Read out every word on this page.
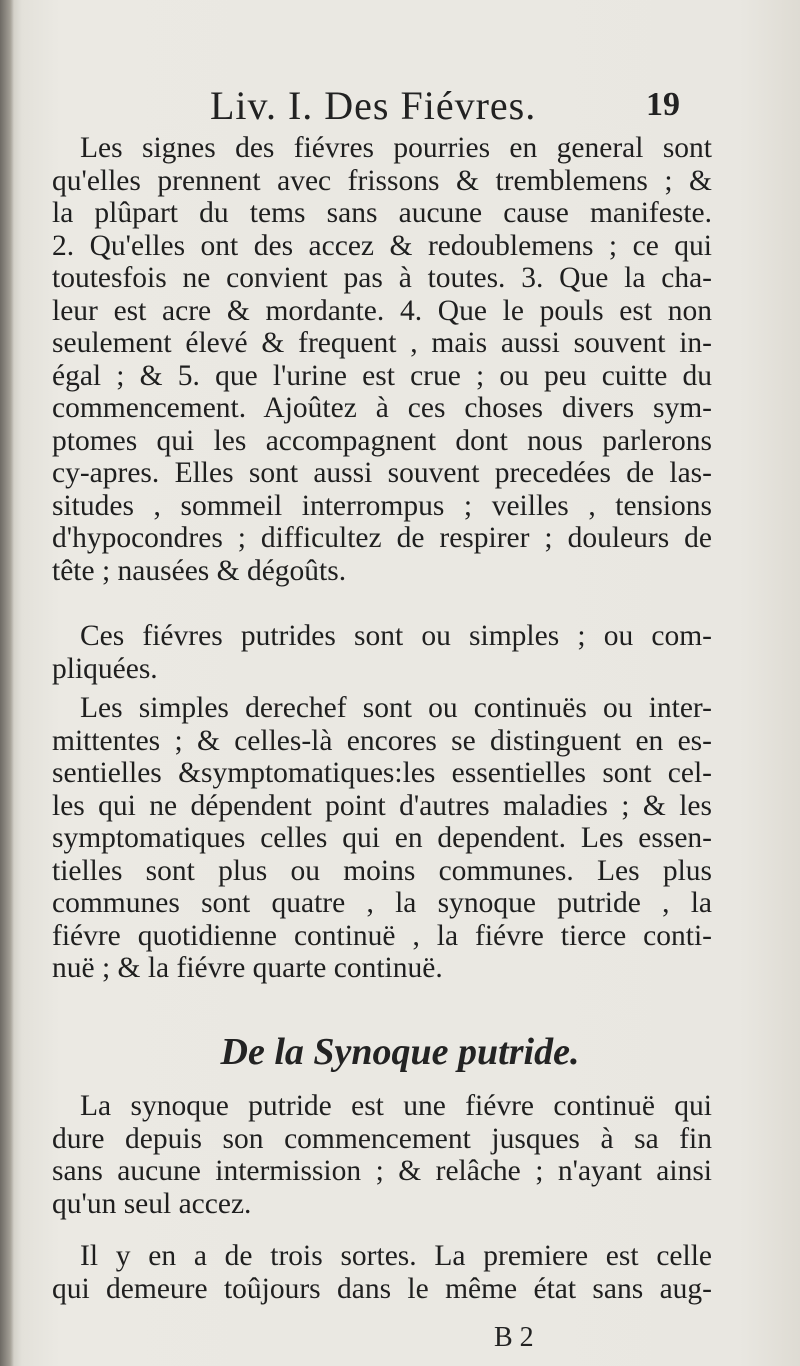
Liv. I. Des Fiévres.	19
Les signes des fiévres pourries en general sont
qu'elles prennent avec frissons & tremblemens ; &
la plûpart du tems sans aucune cause manifeste.
2. Qu'elles ont des accez & redoublemens ; ce qui
toutesfois ne convient pas à toutes. 3. Que la cha-
leur est acre & mordante. 4. Que le pouls est non
seulement élevé & frequent , mais aussi souvent in-
égal ; & 5. que l'urine est crue ; ou peu cuitte du
commencement. Ajoûtez à ces choses divers sym-
ptomes qui les accompagnent dont nous parlerons
cy-apres. Elles sont aussi souvent precedées de las-
situdes , sommeil interrompus ; veilles , tensions
d'hypocondres ; difficultez de respirer ; douleurs de
tête ; nausées & dégoûts.
Ces fiévres putrides sont ou simples ; ou com-
pliquées.
Les simples derechef sont ou continuës ou inter-
mittentes ; & celles-là encores se distinguent en es-
sentielles &symptomatiques:les essentielles sont cel-
les qui ne dépendent point d'autres maladies ; & les
symptomatiques celles qui en dependent. Les essen-
tielles sont plus ou moins communes. Les plus
communes sont quatre , la synoque putride , la
fiévre quotidienne continuë , la fiévre tierce conti-
nuë ; & la fiévre quarte continuë.
De la Synoque putride.
La synoque putride est une fiévre continuë qui
dure depuis son commencement jusques à sa fin
sans aucune intermission ; & relâche ; n'ayant ainsi
qu'un seul accez.
Il y en a de trois sortes. La premiere est celle
qui demeure toûjours dans le même état sans aug-
B 2
